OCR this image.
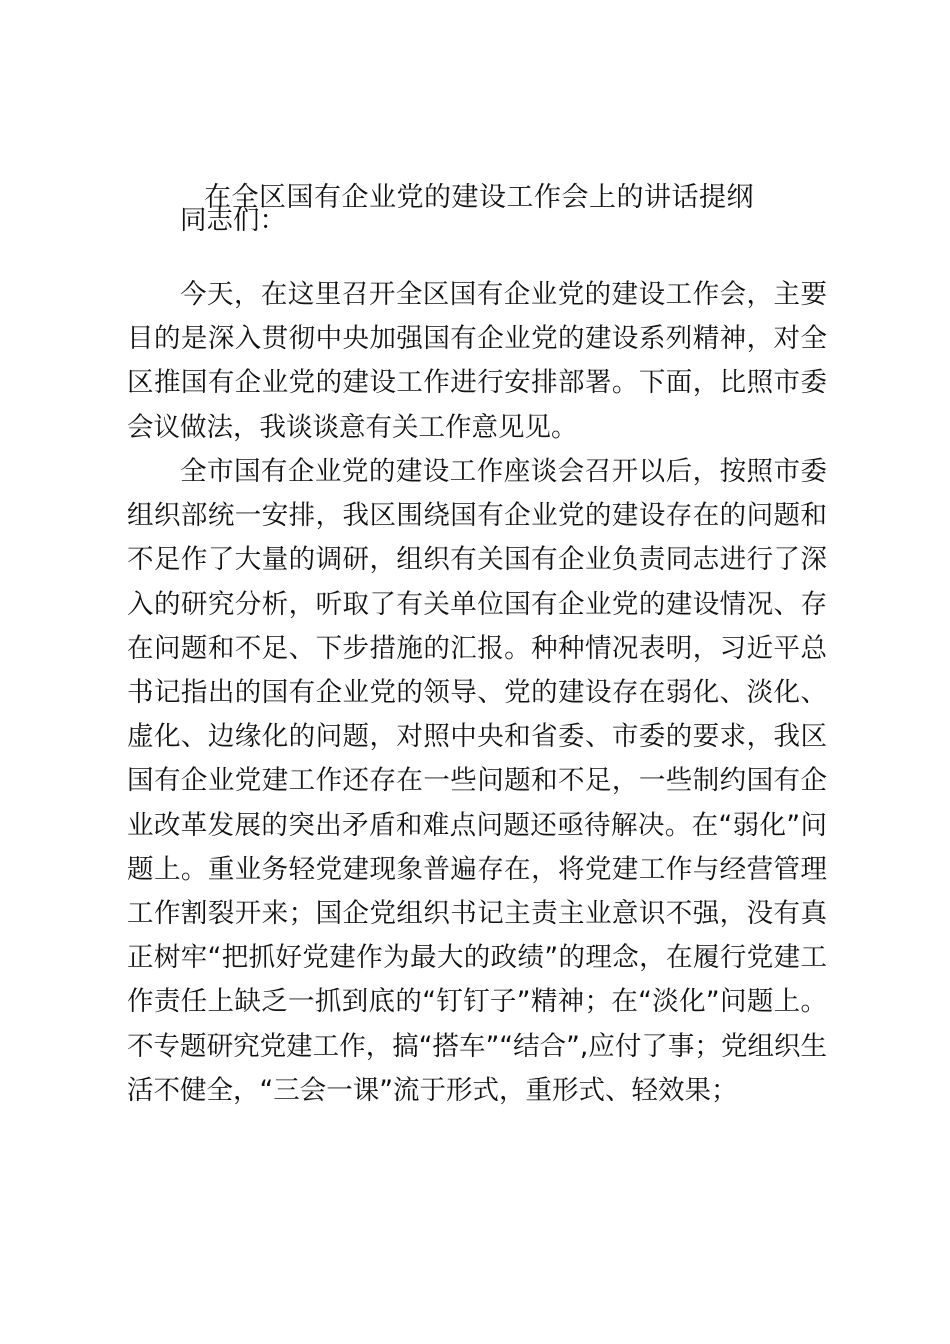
在全区国有企业党的建设工作会上的讲话提纲
同志们：

今天，在这里召开全区国有企业党的建设工作会，主要目的是深入贯彻中央加强国有企业党的建设系列精神，对全区推国有企业党的建设工作进行安排部署。下面，比照市委会议做法，我谈谈意有关工作意见见。

全市国有企业党的建设工作座谈会召开以后，按照市委组织部统一安排，我区围绕国有企业党的建设存在的问题和不足作了大量的调研，组织有关国有企业负责同志进行了深入的研究分析，听取了有关单位国有企业党的建设情况、存在问题和不足、下步措施的汇报。种种情况表明，习近平总书记指出的国有企业党的领导、党的建设存在弱化、淡化、虚化、边缘化的问题，对照中央和省委、市委的要求，我区国有企业党建工作还存在一些问题和不足，一些制约国有企业改革发展的突出矛盾和难点问题还亟待解决。在“弱化”问题上。重业务轻党建现象普遍存在，将党建工作与经营管理工作割裂开来；国企党组织书记主责主业意识不强，没有真正树牢“把抓好党建作为最大的政绩”的理念，在履行党建工作责任上缺乏一抓到底的“钉钉子”精神；在“淡化”问题上。不专题研究党建工作，搞“搭车”“结合”,应付了事；党组织生活不健全，“三会一课”流于形式，重形式、轻效果；
